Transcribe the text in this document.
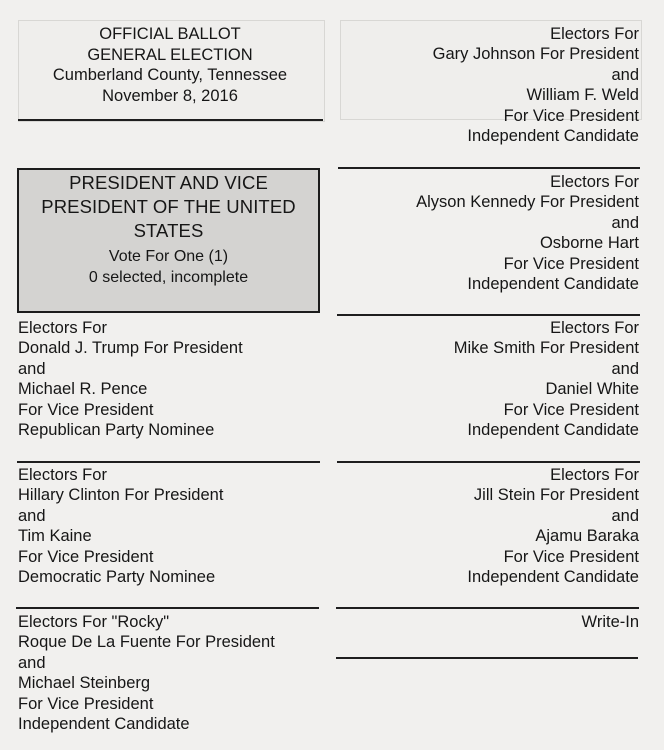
OFFICIAL BALLOT
GENERAL ELECTION
Cumberland County, Tennessee
November 8, 2016
PRESIDENT AND VICE
PRESIDENT OF THE UNITED
STATES
Vote For One (1)
0 selected, incomplete
Electors For
Donald J. Trump For President
and
Michael R. Pence
For Vice President
Republican Party Nominee
Electors For
Hillary Clinton For President
and
Tim Kaine
For Vice President
Democratic Party Nominee
Electors For "Rocky"
Roque De La Fuente For President
and
Michael Steinberg
For Vice President
Independent Candidate
Electors For
Gary Johnson For President
and
William F. Weld
For Vice President
Independent Candidate
Electors For
Alyson Kennedy For President
and
Osborne Hart
For Vice President
Independent Candidate
Electors For
Mike Smith For President
and
Daniel White
For Vice President
Independent Candidate
Electors For
Jill Stein For President
and
Ajamu Baraka
For Vice President
Independent Candidate
Write-In
